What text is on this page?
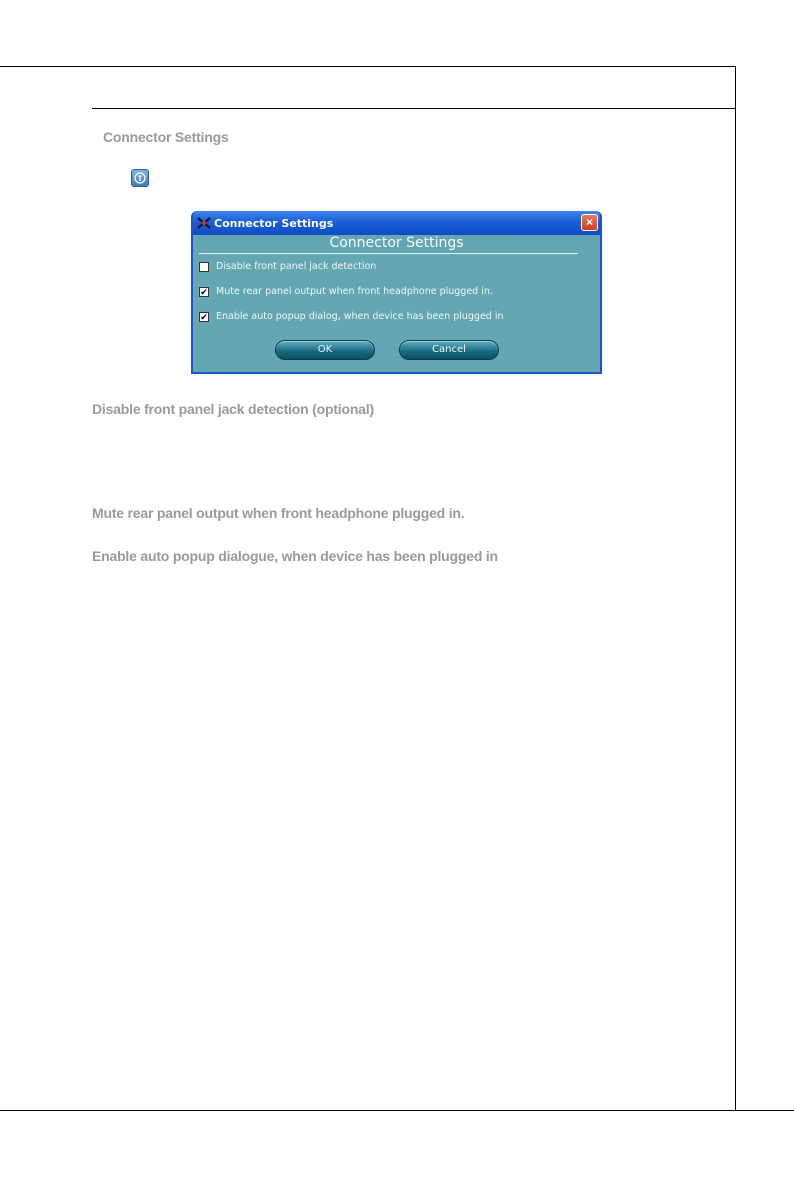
Connector Settings
Connector Settings	×
Connector Settings
Disable front panel jack detection
✔ Mute rear panel output when front headphone plugged in.
✔ Enable auto popup dialog, when device has been plugged in
OK	Cancel
Disable front panel jack detection (optional)
Mute rear panel output when front headphone plugged in.
Enable auto popup dialogue, when device has been plugged in
